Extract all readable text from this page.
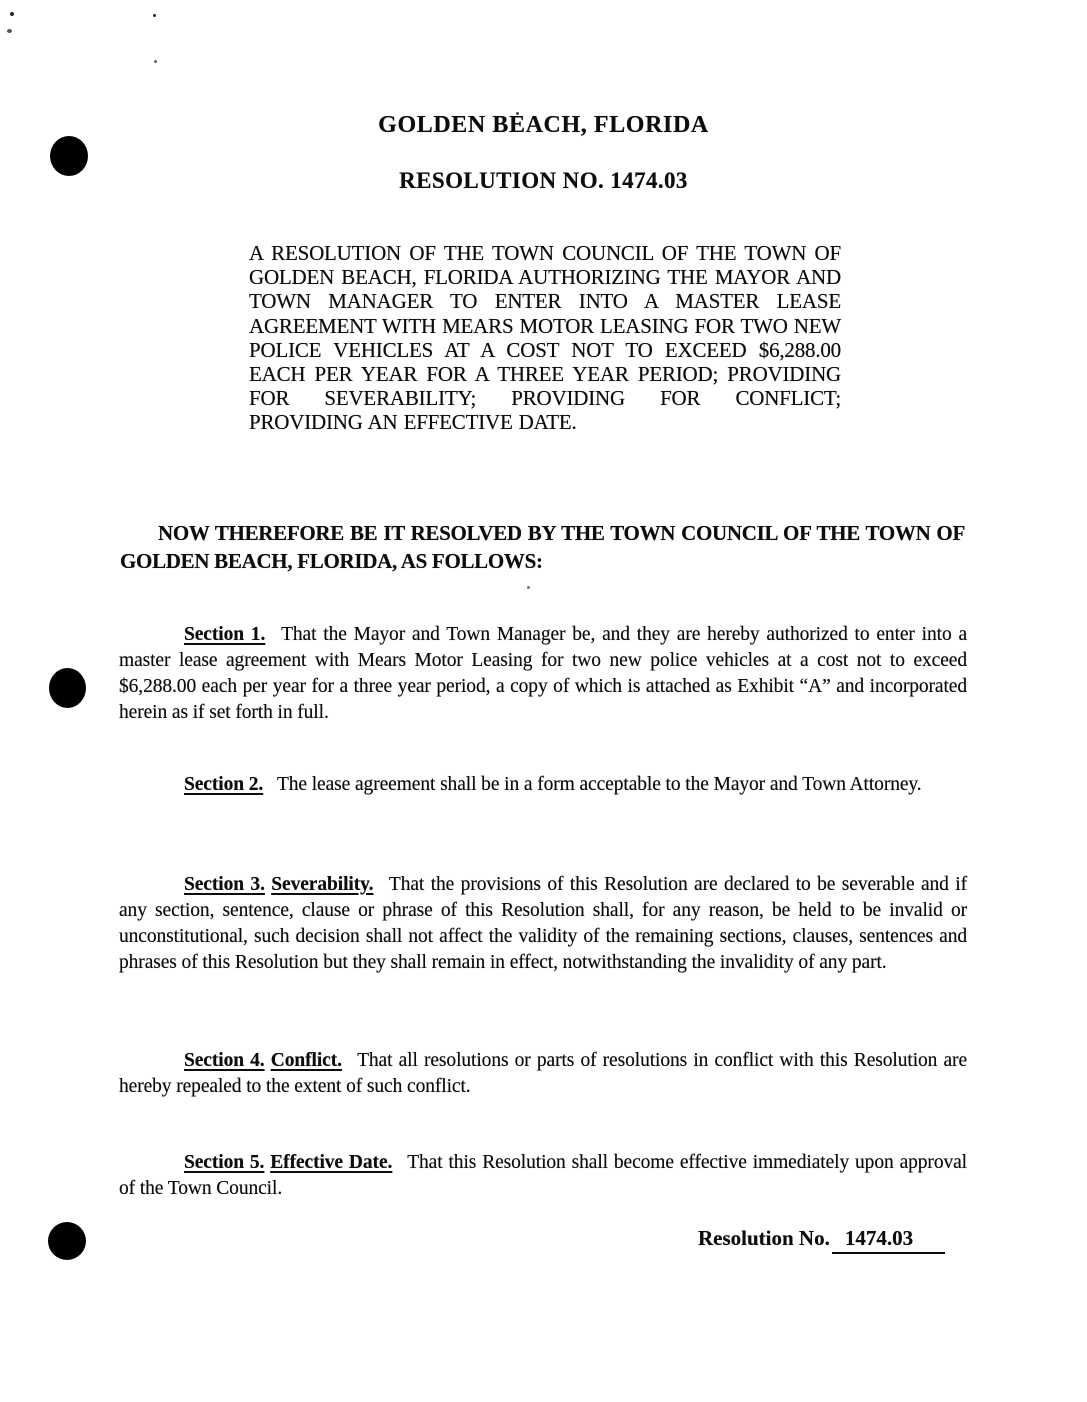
GOLDEN BEACH, FLORIDA
RESOLUTION NO. 1474.03

A RESOLUTION OF THE TOWN COUNCIL OF THE TOWN OF GOLDEN BEACH, FLORIDA AUTHORIZING THE MAYOR AND TOWN MANAGER TO ENTER INTO A MASTER LEASE AGREEMENT WITH MEARS MOTOR LEASING FOR TWO NEW POLICE VEHICLES AT A COST NOT TO EXCEED $6,288.00 EACH PER YEAR FOR A THREE YEAR PERIOD; PROVIDING FOR SEVERABILITY; PROVIDING FOR CONFLICT; PROVIDING AN EFFECTIVE DATE.

NOW THEREFORE BE IT RESOLVED BY THE TOWN COUNCIL OF THE TOWN OF GOLDEN BEACH, FLORIDA, AS FOLLOWS:

Section 1. That the Mayor and Town Manager be, and they are hereby authorized to enter into a master lease agreement with Mears Motor Leasing for two new police vehicles at a cost not to exceed $6,288.00 each per year for a three year period, a copy of which is attached as Exhibit “A” and incorporated herein as if set forth in full.

Section 2. The lease agreement shall be in a form acceptable to the Mayor and Town Attorney.

Section 3. Severability. That the provisions of this Resolution are declared to be severable and if any section, sentence, clause or phrase of this Resolution shall, for any reason, be held to be invalid or unconstitutional, such decision shall not affect the validity of the remaining sections, clauses, sentences and phrases of this Resolution but they shall remain in effect, notwithstanding the invalidity of any part.

Section 4. Conflict. That all resolutions or parts of resolutions in conflict with this Resolution are hereby repealed to the extent of such conflict.

Section 5. Effective Date. That this Resolution shall become effective immediately upon approval of the Town Council.

Resolution No. 1474.03
